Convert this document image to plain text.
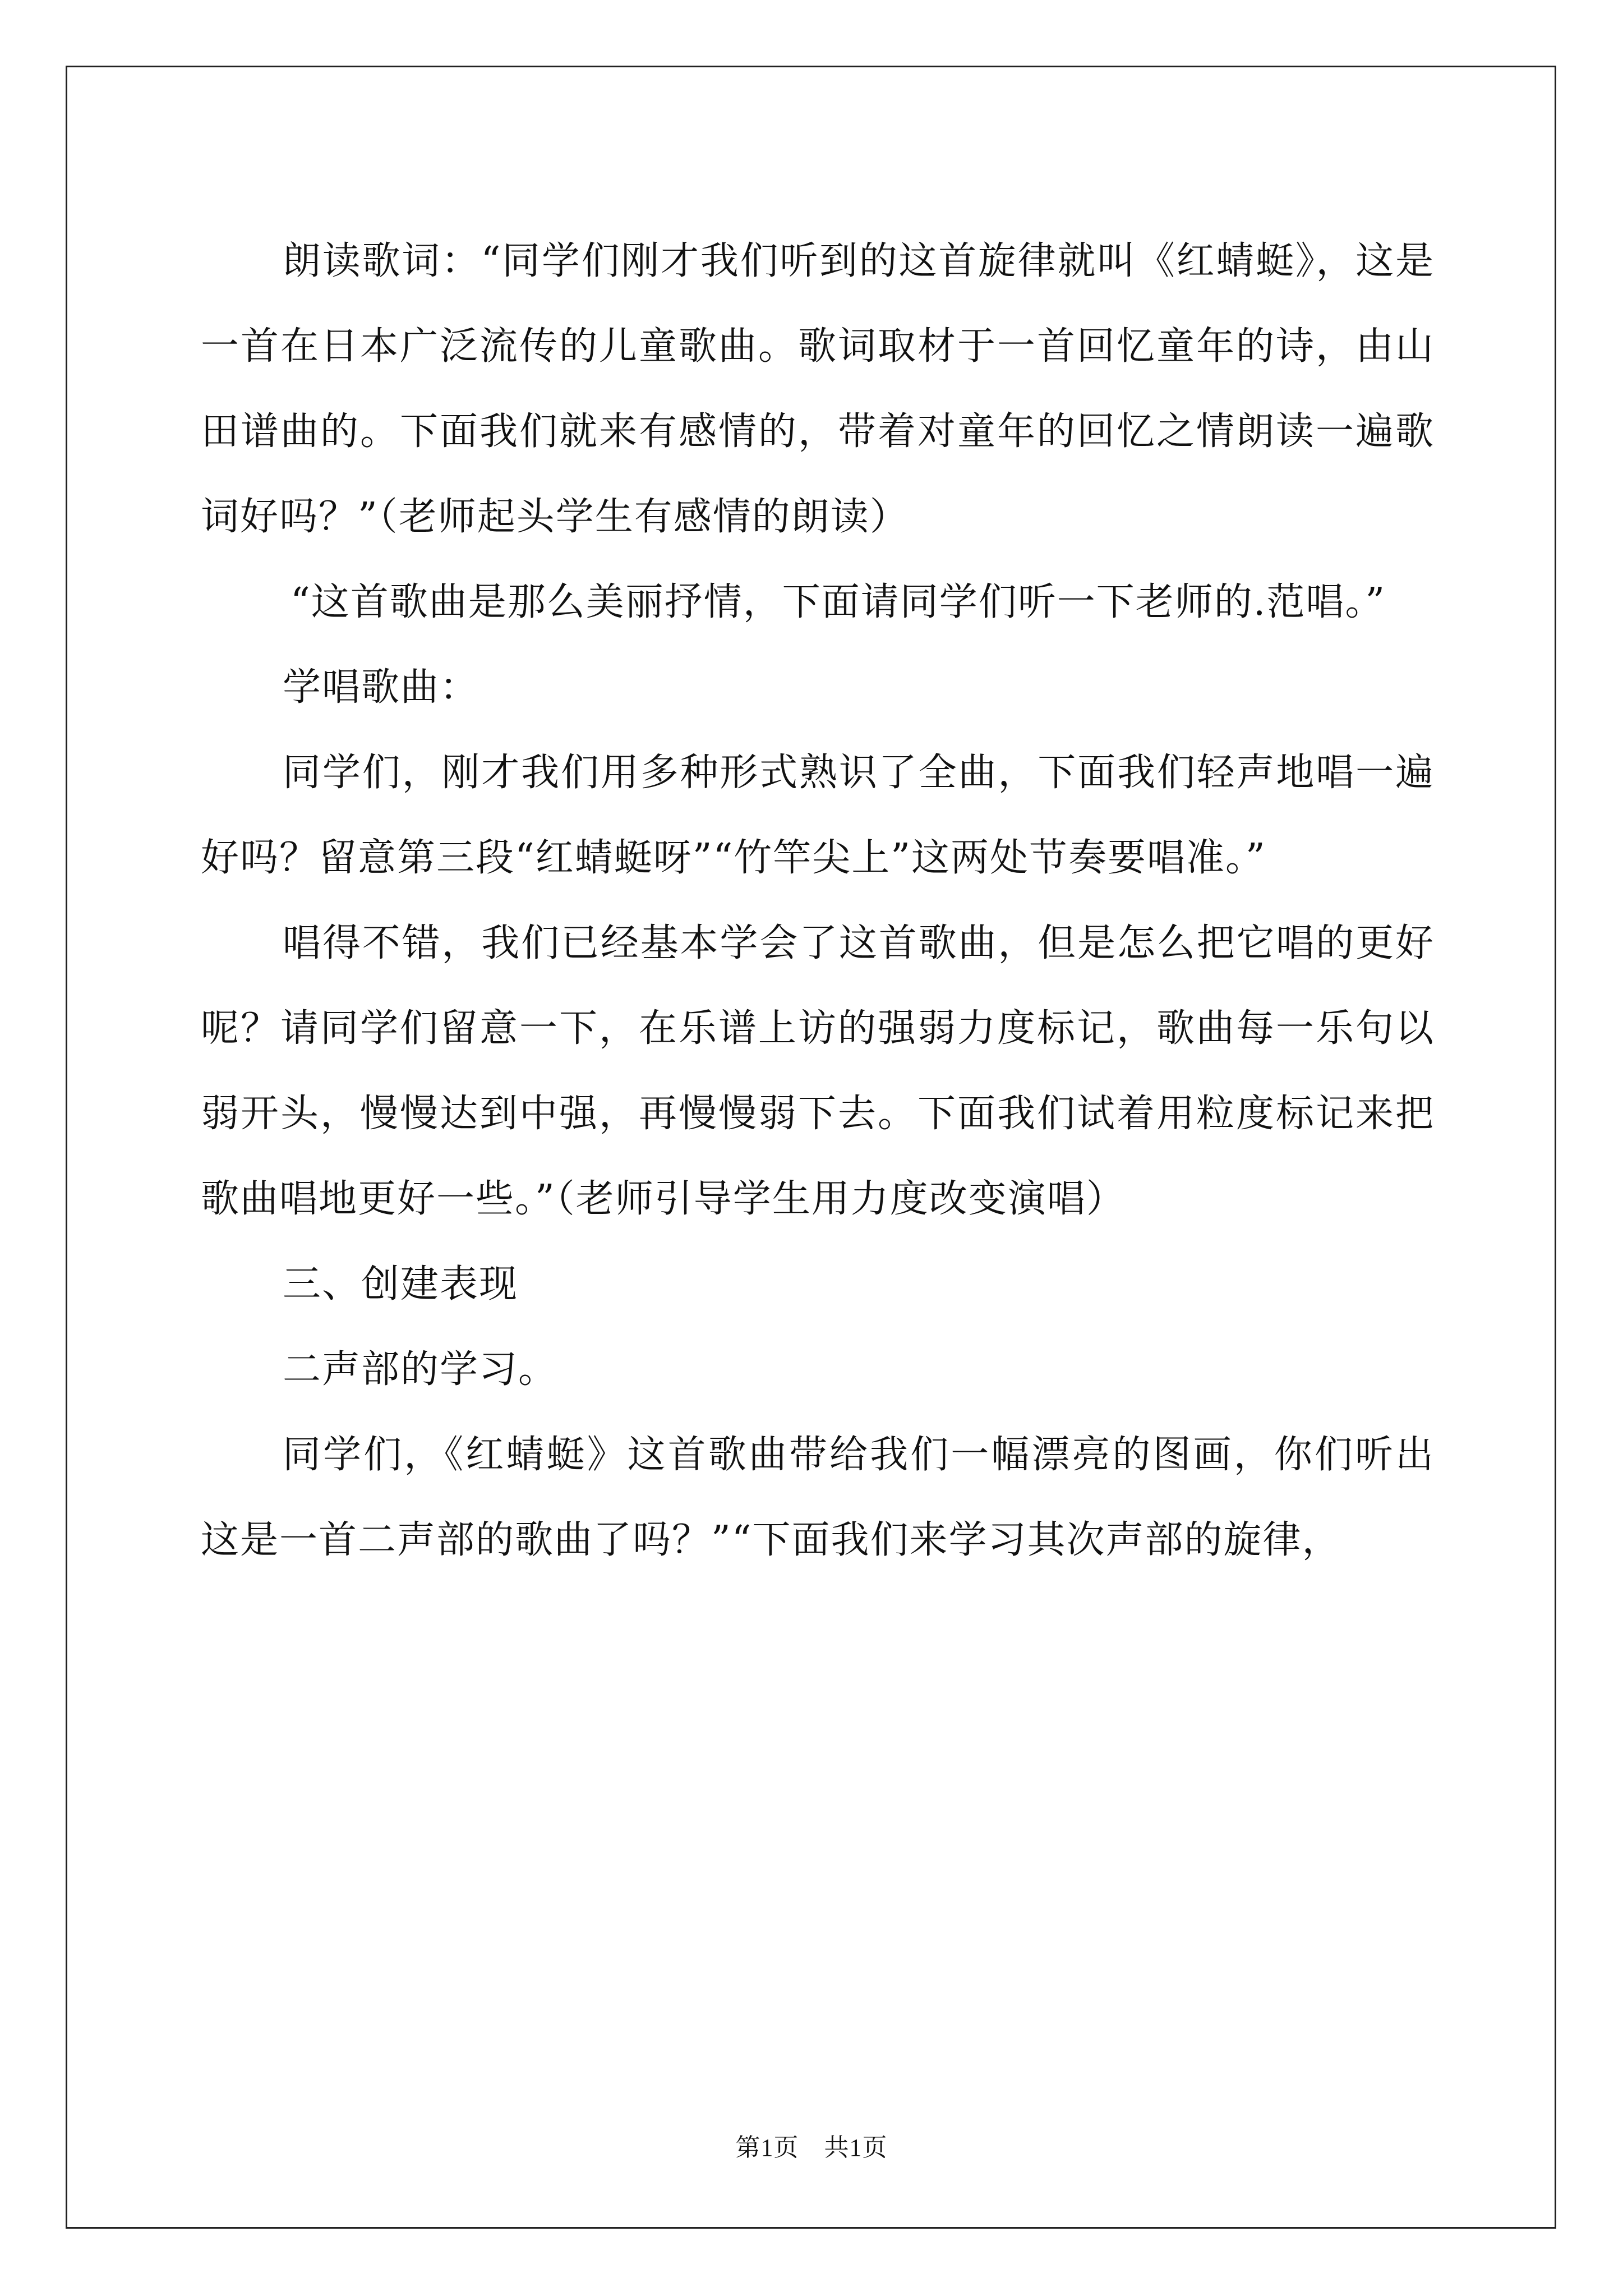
朗读歌词：“同学们刚才我们听到的这首旋律就叫《红蜻蜓》，这是一首在日本广泛流传的儿童歌曲。歌词取材于一首回忆童年的诗，由山田谱曲的。下面我们就来有感情的，带着对童年的回忆之情朗读一遍歌词好吗？”（老师起头学生有感情的朗读）

“这首歌曲是那么美丽抒情，下面请同学们听一下老师的.范唱。”

学唱歌曲：

同学们，刚才我们用多种形式熟识了全曲，下面我们轻声地唱一遍好吗？留意第三段“红蜻蜓呀”“竹竿尖上”这两处节奏要唱准。”

唱得不错，我们已经基本学会了这首歌曲，但是怎么把它唱的更好呢？请同学们留意一下，在乐谱上访的强弱力度标记，歌曲每一乐句以弱开头，慢慢达到中强，再慢慢弱下去。下面我们试着用粒度标记来把歌曲唱地更好一些。”（老师引导学生用力度改变演唱）

三、创建表现

二声部的学习。

同学们，《红蜻蜓》这首歌曲带给我们一幅漂亮的图画，你们听出这是一首二声部的歌曲了吗？”“下面我们来学习其次声部的旋律，

第1页　共1页
